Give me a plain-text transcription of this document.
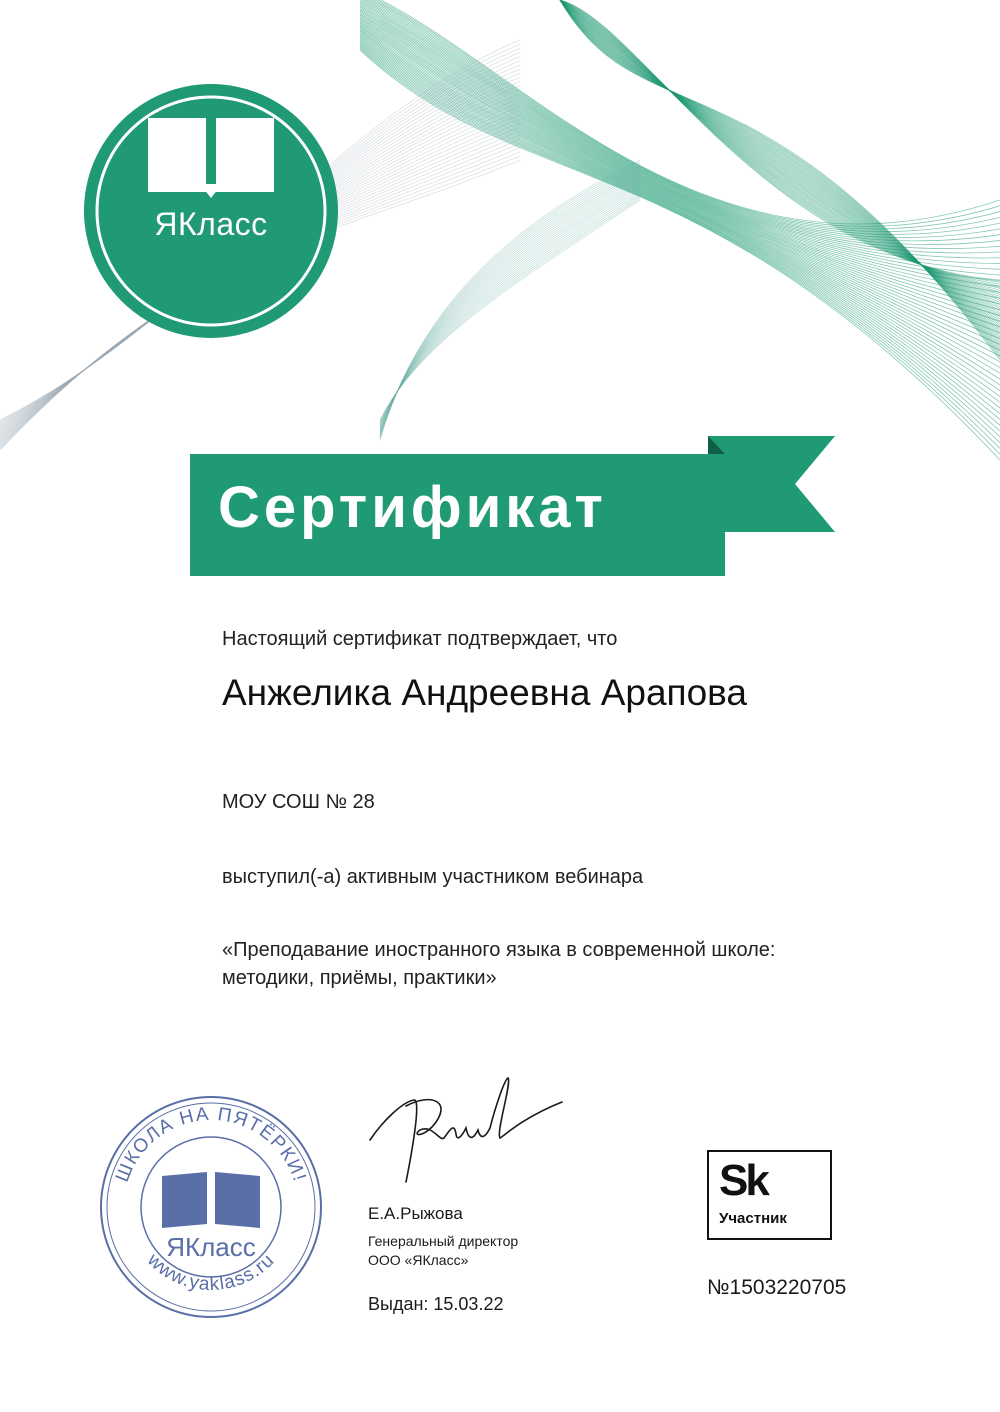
ЯКласс
Сертификат
Настоящий сертификат подтверждает, что
Анжелика Андреевна Арапова
МОУ СОШ № 28
выступил(-а) активным участником вебинара
«Преподавание иностранного языка в современной школе:
методики, приёмы, практики»
ШКОЛА НА ПЯТЁРКИ!
www.yaklass.ru
ЯКласс
Е.А.Рыжова
Генеральный директор
ООО «ЯКласс»
Выдан: 15.03.22
Sk
Участник
№1503220705
